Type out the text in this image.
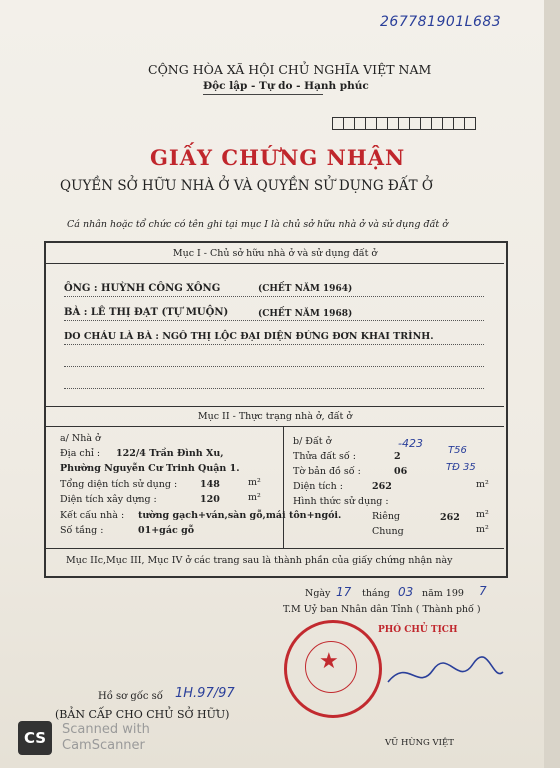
267781901L683
CỘNG HÒA XÃ HỘI CHỦ NGHĨA VIỆT NAM
Độc lập - Tự do - Hạnh phúc
GIẤY CHỨNG NHẬN
QUYỀN SỞ HỮU NHÀ Ở VÀ QUYỀN SỬ DỤNG ĐẤT Ở
Cá nhân hoặc tổ chức có tên ghi tại mục I là chủ sở hữu nhà ở và sử dụng đất ở
Mục I - Chủ sở hữu nhà ở và sử dụng đất ở
ÔNG : HUỲNH CÔNG XÔNG	(CHẾT NĂM 1964)
BÀ : LÊ THỊ ĐẠT (TỰ MUỘN)	(CHẾT NĂM 1968)
DO CHÁU LÀ BÀ : NGÔ THỊ LỘC ĐẠI DIỆN ĐỨNG ĐƠN KHAI TRÌNH.
Mục II - Thực trạng nhà ở, đất ở
a/ Nhà ở
Địa chỉ : 122/4 Trần Đình Xu,
Phường Nguyễn Cư Trinh Quận 1.
Tổng diện tích sử dụng : 148	m²
Diện tích xây dựng :	120	m²
Kết cấu nhà : tường gạch+ván,sàn gỗ,mái tôn+ngói.
Số tầng :	01+gác gỗ
b/ Đất ở	-423
T56
Thửa đất số :	2
Tờ bản đồ số :	06	TĐ 35
Diện tích :	262	m²
Hình thức sử dụng :
Riêng	262 m²
Chung	m²
Mục IIc,Mục III, Mục IV ở các trang sau là thành phần của giấy chứng nhận này
Ngày 17 tháng 03 năm 199 7
T.M Uỷ ban Nhân dân Tỉnh ( Thành phố )
★
PHÓ CHỦ TỊCH
VŨ HÙNG VIỆT
Hồ sơ gốc số 1H.97/97
(BẢN CẤP CHO CHỦ SỞ HỮU)
CS	Scanned with
CamScanner
